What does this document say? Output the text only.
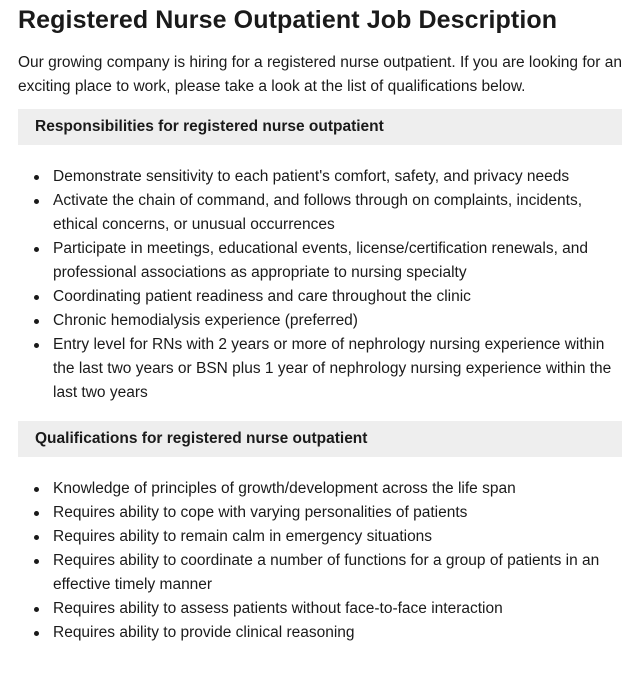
Registered Nurse Outpatient Job Description

Our growing company is hiring for a registered nurse outpatient. If you are looking for an exciting place to work, please take a look at the list of qualifications below.

Responsibilities for registered nurse outpatient
Demonstrate sensitivity to each patient's comfort, safety, and privacy needs
Activate the chain of command, and follows through on complaints, incidents, ethical concerns, or unusual occurrences
Participate in meetings, educational events, license/certification renewals, and professional associations as appropriate to nursing specialty
Coordinating patient readiness and care throughout the clinic
Chronic hemodialysis experience (preferred)
Entry level for RNs with 2 years or more of nephrology nursing experience within the last two years or BSN plus 1 year of nephrology nursing experience within the last two years
Qualifications for registered nurse outpatient
Knowledge of principles of growth/development across the life span
Requires ability to cope with varying personalities of patients
Requires ability to remain calm in emergency situations
Requires ability to coordinate a number of functions for a group of patients in an effective timely manner
Requires ability to assess patients without face-to-face interaction
Requires ability to provide clinical reasoning
